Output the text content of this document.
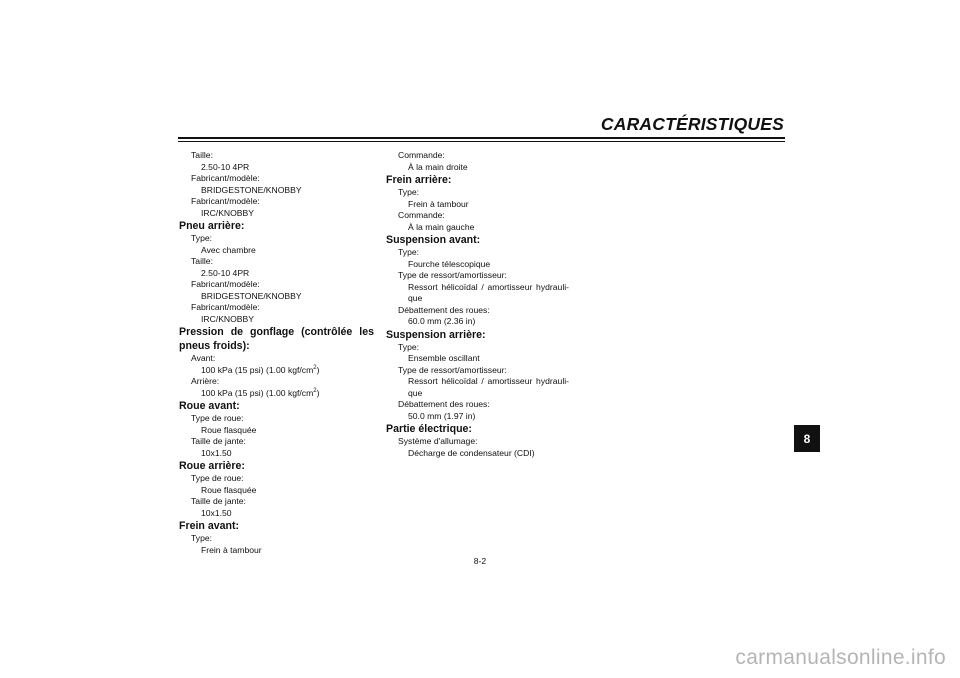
CARACTÉRISTIQUES
Taille:
2.50-10 4PR
Fabricant/modèle:
BRIDGESTONE/KNOBBY
Fabricant/modèle:
IRC/KNOBBY
Pneu arrière:
Type:
Avec chambre
Taille:
2.50-10 4PR
Fabricant/modèle:
BRIDGESTONE/KNOBBY
Fabricant/modèle:
IRC/KNOBBY
Pression de gonflage (contrôlée les
pneus froids):
Avant:
100 kPa (15 psi) (1.00 kgf/$cm^2$)
Arrière:
100 kPa (15 psi) (1.00 kgf/$cm^2$)
Roue avant:
Type de roue:
Roue flasquée
Taille de jante:
10x1.50
Roue arrière:
Type de roue:
Roue flasquée
Taille de jante:
10x1.50
Frein avant:
Type:
Frein à tambour
Commande:
À la main droite
Frein arrière:
Type:
Frein à tambour
Commande:
À la main gauche
Suspension avant:
Type:
Fourche télescopique
Type de ressort/amortisseur:
Ressort hélicoïdal / amortisseur hydrauli-
que
Débattement des roues:
60.0 mm (2.36 in)
Suspension arrière:
Type:
Ensemble oscillant
Type de ressort/amortisseur:
Ressort hélicoïdal / amortisseur hydrauli-
que
Débattement des roues:
50.0 mm (1.97 in)
Partie électrique:
Système d'allumage:
Décharge de condensateur (CDI)
8
8-2
carmanualsonline.info
